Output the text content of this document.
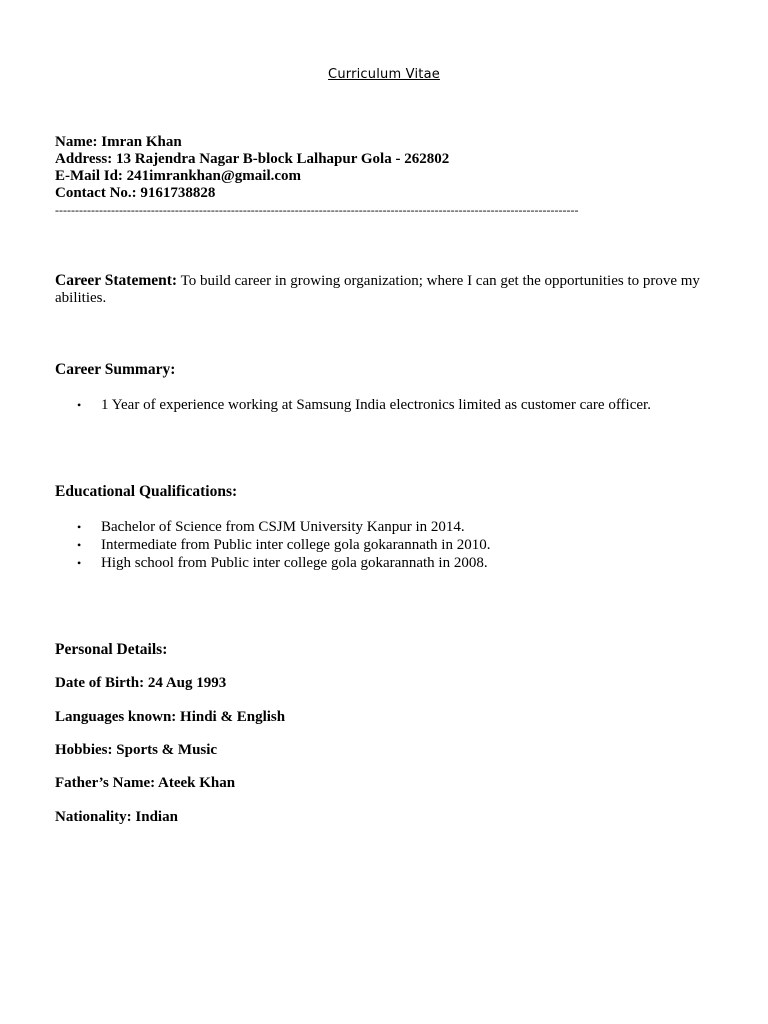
Curriculum Vitae
Name: Imran Khan
Address: 13 Rajendra Nagar B-block Lalhapur Gola - 262802
E-Mail Id: 241imrankhan@gmail.com
Contact No.: 9161738828
-----------------------------------------------------------------------------------------------------------------------------------
Career Statement: To build career in growing organization; where I can get the opportunities to prove my abilities.
Career Summary:
• 1 Year of experience working at Samsung India electronics limited as customer care officer.
Educational Qualifications:
• Bachelor of Science from CSJM University Kanpur in 2014.
• Intermediate from Public inter college gola gokarannath in 2010.
• High school from Public inter college gola gokarannath in 2008.
Personal Details:
Date of Birth: 24 Aug 1993
Languages known: Hindi & English
Hobbies: Sports & Music
Father’s Name: Ateek Khan
Nationality: Indian
